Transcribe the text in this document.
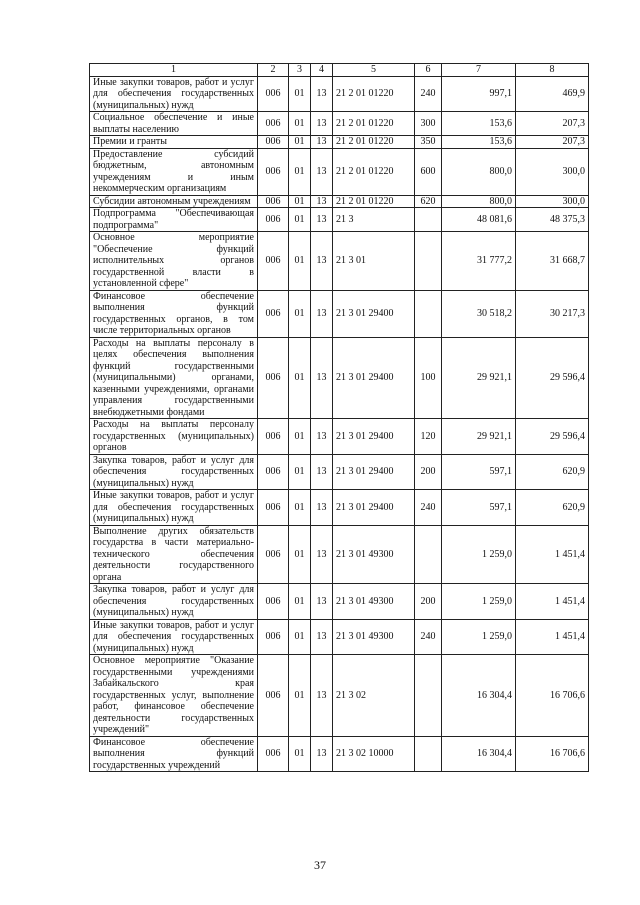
1	2	3	4	5	6	7	8
Иные закупки товаров, работ и услуг для обеспечения государственных (муниципальных) нужд	006	01	13	21 2 01 01220	240	997,1	469,9
Социальное обеспечение и иные выплаты населению	006	01	13	21 2 01 01220	300	153,6	207,3
Премии и гранты	006	01	13	21 2 01 01220	350	153,6	207,3
Предоставление субсидий бюджетным, автономным учреждениям и иным некоммерческим организациям	006	01	13	21 2 01 01220	600	800,0	300,0
Субсидии автономным учреждениям	006	01	13	21 2 01 01220	620	800,0	300,0
Подпрограмма "Обеспечивающая подпрограмма"	006	01	13	21 3		48 081,6	48 375,3
Основное мероприятие "Обеспечение функций исполнительных органов государственной власти в установленной сфере"	006	01	13	21 3 01		31 777,2	31 668,7
Финансовое обеспечение выполнения функций государственных органов, в том числе территориальных органов	006	01	13	21 3 01 29400		30 518,2	30 217,3
Расходы на выплаты персоналу в целях обеспечения выполнения функций государственными (муниципальными) органами, казенными учреждениями, органами управления государственными внебюджетными фондами	006	01	13	21 3 01 29400	100	29 921,1	29 596,4
Расходы на выплаты персоналу государственных (муниципальных) органов	006	01	13	21 3 01 29400	120	29 921,1	29 596,4
Закупка товаров, работ и услуг для обеспечения государственных (муниципальных) нужд	006	01	13	21 3 01 29400	200	597,1	620,9
Иные закупки товаров, работ и услуг для обеспечения государственных (муниципальных) нужд	006	01	13	21 3 01 29400	240	597,1	620,9
Выполнение других обязательств государства в части материально-технического обеспечения деятельности государственного органа	006	01	13	21 3 01 49300		1 259,0	1 451,4
Закупка товаров, работ и услуг для обеспечения государственных (муниципальных) нужд	006	01	13	21 3 01 49300	200	1 259,0	1 451,4
Иные закупки товаров, работ и услуг для обеспечения государственных (муниципальных) нужд	006	01	13	21 3 01 49300	240	1 259,0	1 451,4
Основное мероприятие "Оказание государственными учреждениями Забайкальского края государственных услуг, выполнение работ, финансовое обеспечение деятельности государственных учреждений"	006	01	13	21 3 02		16 304,4	16 706,6
Финансовое обеспечение выполнения функций государственных учреждений	006	01	13	21 3 02 10000		16 304,4	16 706,6
37
